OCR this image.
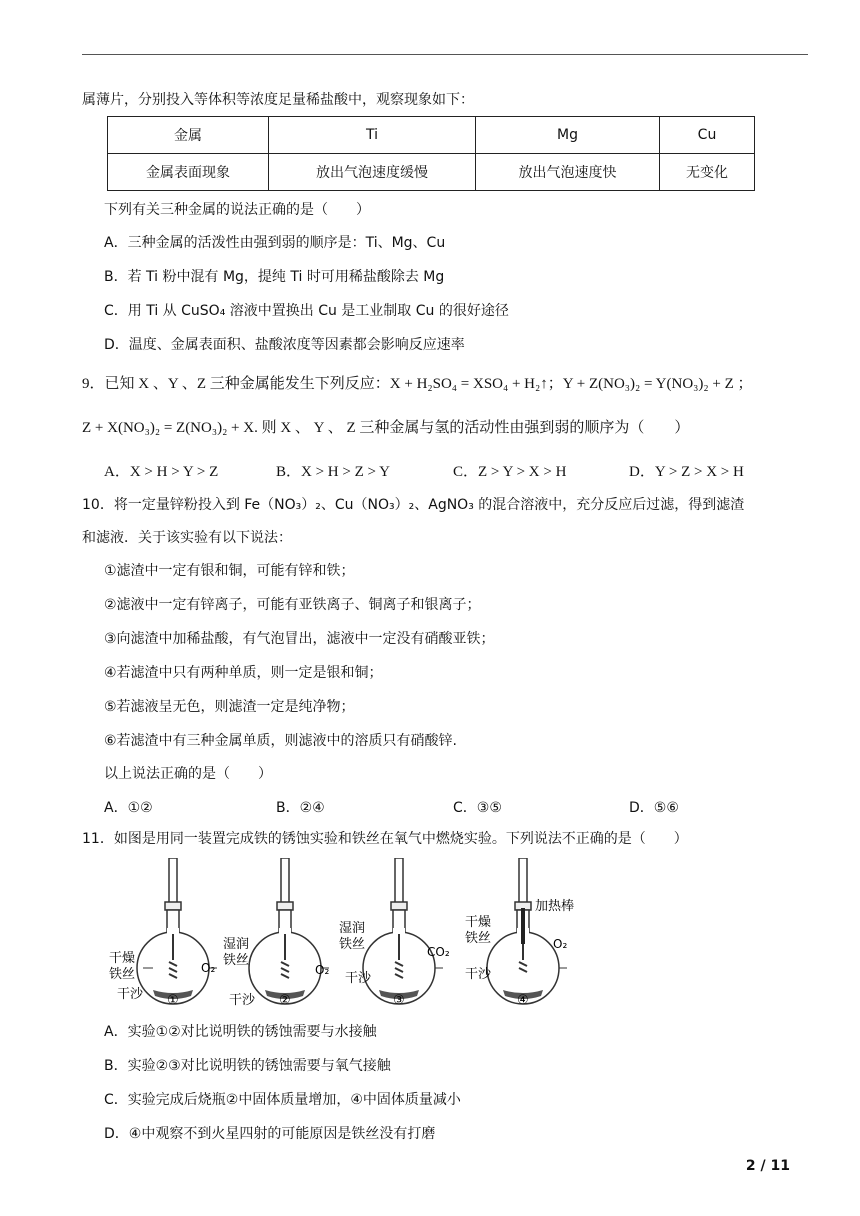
属薄片，分别投入等体积等浓度足量稀盐酸中，观察现象如下：
金属	Ti	Mg	Cu
金属表面现象	放出气泡速度缓慢	放出气泡速度快	无变化
下列有关三种金属的说法正确的是（　　）
A．三种金属的活泼性由强到弱的顺序是：Ti、Mg、Cu
B．若 Ti 粉中混有 Mg，提纯 Ti 时可用稀盐酸除去 Mg
C．用 Ti 从 CuSO₄ 溶液中置换出 Cu 是工业制取 Cu 的很好途径
D．温度、金属表面积、盐酸浓度等因素都会影响反应速率
9．已知 X 、Y 、Z 三种金属能发生下列反应：X + H₂SO₄ = XSO₄ + H₂↑；Y + Z(NO₃)₂ = Y(NO₃)₂ + Z ；
Z + X(NO₃)₂ = Z(NO₃)₂ + X. 则 X 、 Y 、 Z 三种金属与氢的活动性由强到弱的顺序为（　　）
A．X > H > Y > Z	B．X > H > Z > Y	C．Z > Y > X > H	D．Y > Z > X > H
10．将一定量锌粉投入到 Fe（NO₃）₂、Cu（NO₃）₂、AgNO₃ 的混合溶液中，充分反应后过滤，得到滤渣
和滤液．关于该实验有以下说法：
①滤渣中一定有银和铜，可能有锌和铁；
②滤液中一定有锌离子，可能有亚铁离子、铜离子和银离子；
③向滤渣中加稀盐酸，有气泡冒出，滤液中一定没有硝酸亚铁；
④若滤渣中只有两种单质，则一定是银和铜；
⑤若滤液呈无色，则滤渣一定是纯净物；
⑥若滤渣中有三种金属单质，则滤液中的溶质只有硝酸锌.
以上说法正确的是（　　）
A．①②	B．②④	C．③⑤	D．⑤⑥
11．如图是用同一装置完成铁的锈蚀实验和铁丝在氧气中燃烧实验。下列说法不正确的是（　　）
干燥
铁丝	O₂
干沙 ①
湿润
铁丝
O₂
干沙 ②
湿润
铁丝	CO₂
干沙
③
干燥
铁丝
加热棒
O₂
干沙
④
A．实验①②对比说明铁的锈蚀需要与水接触
B．实验②③对比说明铁的锈蚀需要与氧气接触
C．实验完成后烧瓶②中固体质量增加，④中固体质量减小
D．④中观察不到火星四射的可能原因是铁丝没有打磨
2 / 11
